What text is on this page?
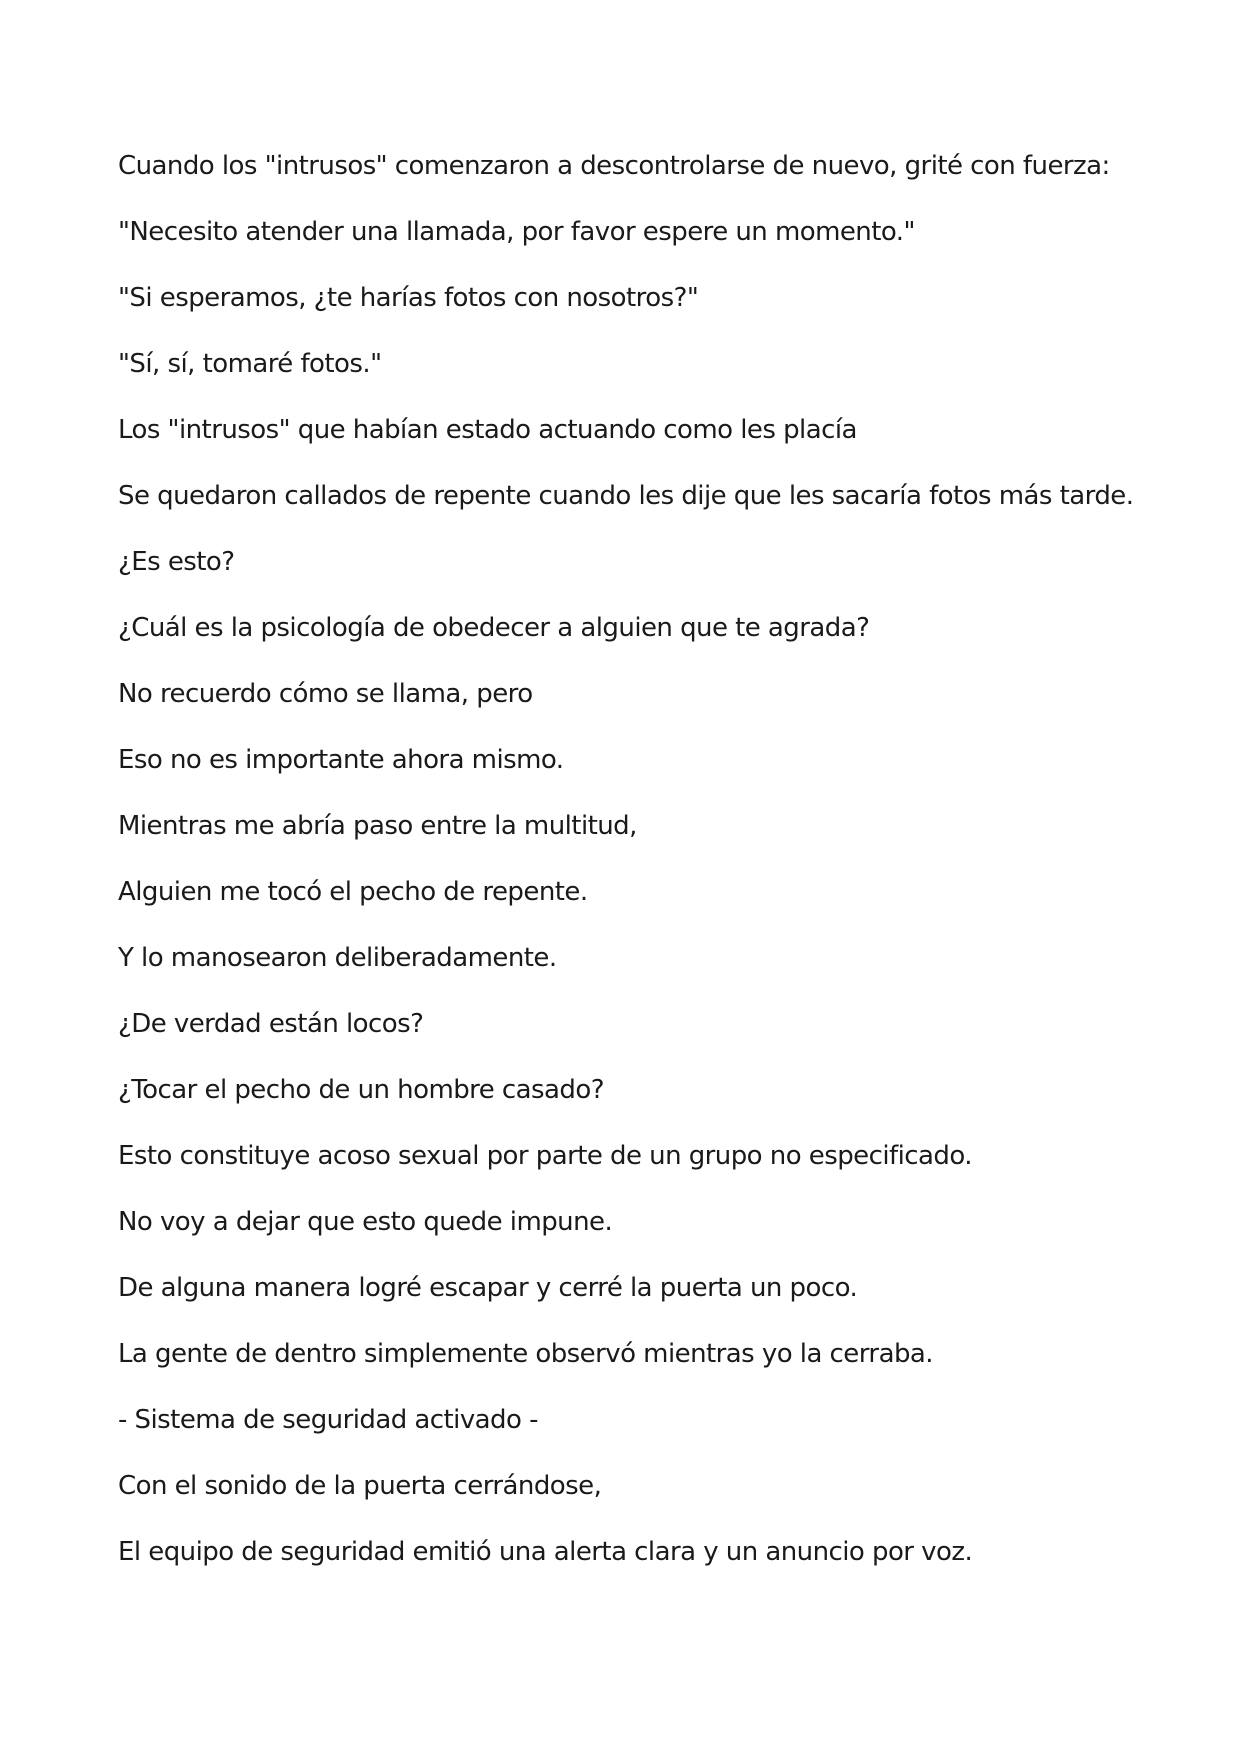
Cuando los "intrusos" comenzaron a descontrolarse de nuevo, grité con fuerza:

"Necesito atender una llamada, por favor espere un momento."

"Si esperamos, ¿te harías fotos con nosotros?"

"Sí, sí, tomaré fotos."

Los "intrusos" que habían estado actuando como les placía

Se quedaron callados de repente cuando les dije que les sacaría fotos más tarde.

¿Es esto?

¿Cuál es la psicología de obedecer a alguien que te agrada?

No recuerdo cómo se llama, pero

Eso no es importante ahora mismo.

Mientras me abría paso entre la multitud,

Alguien me tocó el pecho de repente.

Y lo manosearon deliberadamente.

¿De verdad están locos?

¿Tocar el pecho de un hombre casado?

Esto constituye acoso sexual por parte de un grupo no especificado.

No voy a dejar que esto quede impune.

De alguna manera logré escapar y cerré la puerta un poco.

La gente de dentro simplemente observó mientras yo la cerraba.

- Sistema de seguridad activado -

Con el sonido de la puerta cerrándose,

El equipo de seguridad emitió una alerta clara y un anuncio por voz.
